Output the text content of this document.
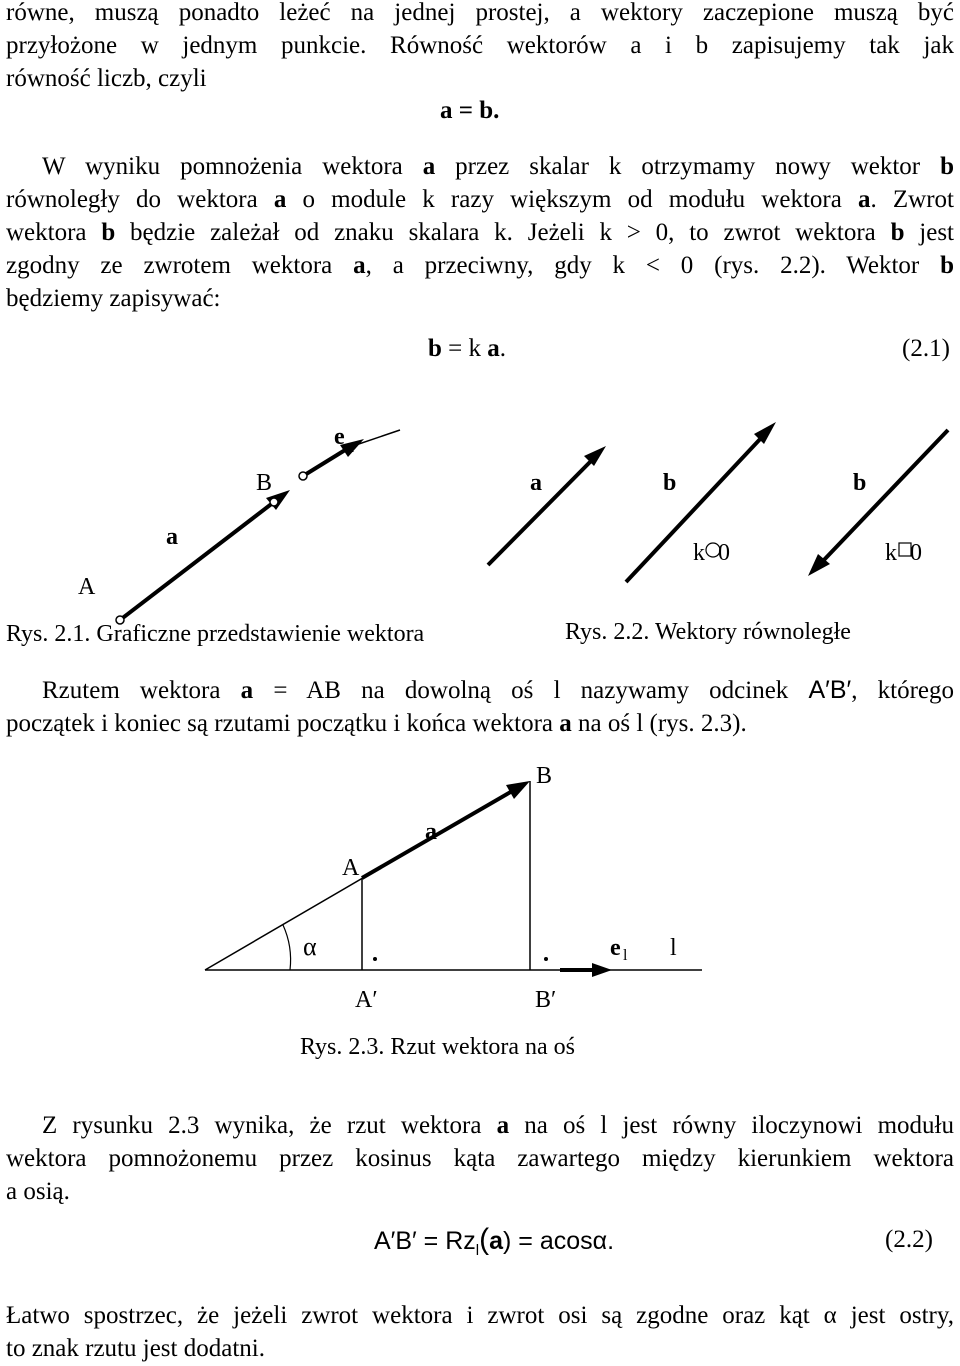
równe, muszą ponadto leżeć na jednej prostej, a wektory zaczepione muszą być
przyłożone w jednym punkcie. Równość wektorów a i b zapisujemy tak jak
równość liczb, czyli
a = b.
W wyniku pomnożenia wektora a przez skalar k otrzymamy nowy wektor b
równoległy do wektora a o module k razy większym od modułu wektora a. Zwrot
wektora b będzie zależał od znaku skalara k. Jeżeli k > 0, to zwrot wektora b jest
zgodny ze zwrotem wektora a, a przeciwny, gdy k < 0 (rys. 2.2). Wektor b
będziemy zapisywać:
b = k a.	(2.1)
e a
B
a
A
a	b
k 0
b
k 0
Rys. 2.1. Graficzne przedstawienie wektora	Rys. 2.2. Wektory równoległe
Rzutem wektora a = AB na dowolną oś l nazywamy odcinek A′B′, którego
początek i koniec są rzutami początku i końca wektora a na oś l (rys. 2.3).
B
a
A
α	e l l
A′	B′
Rys. 2.3. Rzut wektora na oś
Z rysunku 2.3 wynika, że rzut wektora a na oś l jest równy iloczynowi modułu
wektora pomnożonemu przez kosinus kąta zawartego między kierunkiem wektora
a osią.
$A'B' = Rz_l(a) = acos\alpha$.	(2.2)
Łatwo spostrzec, że jeżeli zwrot wektora i zwrot osi są zgodne oraz kąt α jest ostry,
to znak rzutu jest dodatni.
